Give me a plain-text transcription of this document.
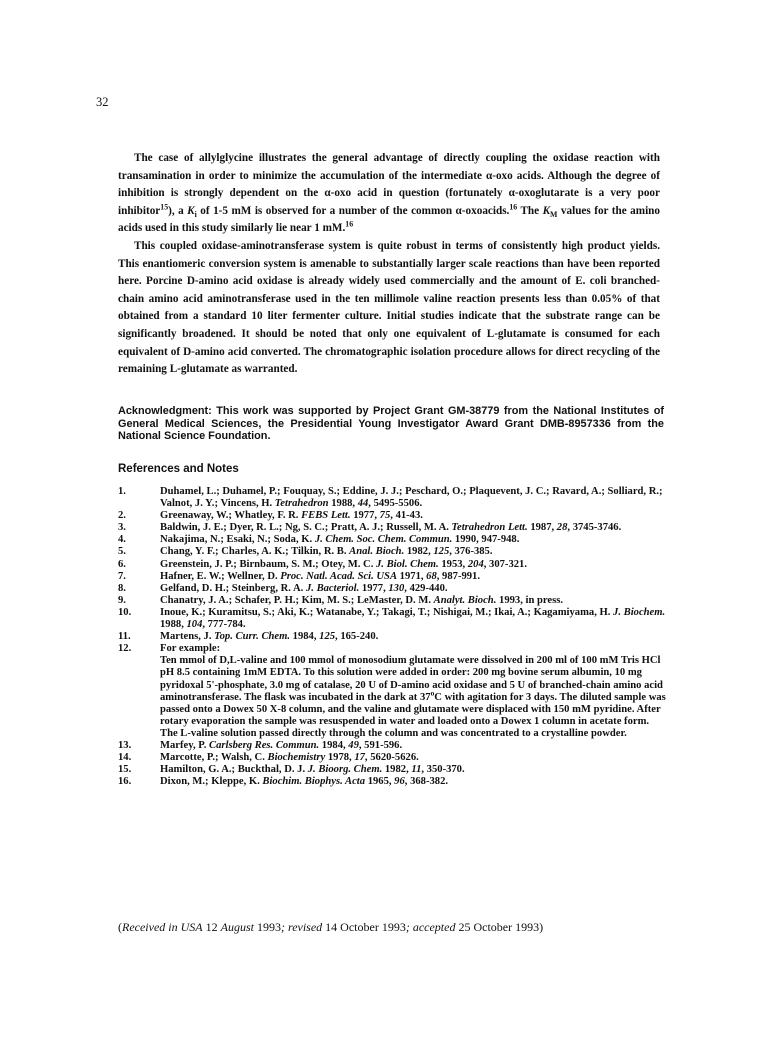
32

The case of allylglycine illustrates the general advantage of directly coupling the oxidase reaction with transamination in order to minimize the accumulation of the intermediate α-oxo acids. Although the degree of inhibition is strongly dependent on the α-oxo acid in question (fortunately α-oxoglutarate is a very poor inhibitor$^{15}$), a $K_i$ of 1-5 mM is observed for a number of the common α-oxoacids.$^{16}$ The $K_M$ values for the amino acids used in this study similarly lie near 1 mM.$^{16}$

This coupled oxidase-aminotransferase system is quite robust in terms of consistently high product yields. This enantiomeric conversion system is amenable to substantially larger scale reactions than have been reported here. Porcine D-amino acid oxidase is already widely used commercially and the amount of E. coli branched-chain amino acid aminotransferase used in the ten millimole valine reaction presents less than 0.05% of that obtained from a standard 10 liter fermenter culture. Initial studies indicate that the substrate range can be significantly broadened. It should be noted that only one equivalent of L-glutamate is consumed for each equivalent of D-amino acid converted. The chromatographic isolation procedure allows for direct recycling of the remaining L-glutamate as warranted.

Acknowledgment: This work was supported by Project Grant GM-38779 from the National Institutes of General Medical Sciences, the Presidential Young Investigator Award Grant DMB-8957336 from the National Science Foundation.
References and Notes
1.	Duhamel, L.; Duhamel, P.; Fouquay, S.; Eddine, J. J.; Peschard, O.; Plaquevent, J. C.; Ravard, A.; Solliard, R.; Valnot, J. Y.; Vincens, H. Tetrahedron 1988, 44, 5495-5506.
2.	Greenaway, W.; Whatley, F. R. FEBS Lett. 1977, 75, 41-43.
3.	Baldwin, J. E.; Dyer, R. L.; Ng, S. C.; Pratt, A. J.; Russell, M. A. Tetrahedron Lett. 1987, 28, 3745-3746.
4.	Nakajima, N.; Esaki, N.; Soda, K. J. Chem. Soc. Chem. Commun. 1990, 947-948.
5.	Chang, Y. F.; Charles, A. K.; Tilkin, R. B. Anal. Bioch. 1982, 125, 376-385.
6.	Greenstein, J. P.; Birnbaum, S. M.; Otey, M. C. J. Biol. Chem. 1953, 204, 307-321.
7.	Hafner, E. W.; Wellner, D. Proc. Natl. Acad. Sci. USA 1971, 68, 987-991.
8.	Gelfand, D. H.; Steinberg, R. A. J. Bacteriol. 1977, 130, 429-440.
9.	Chanatry, J. A.; Schafer, P. H.; Kim, M. S.; LeMaster, D. M. Analyt. Bioch. 1993, in press.
10.	Inoue, K.; Kuramitsu, S.; Aki, K.; Watanabe, Y.; Takagi, T.; Nishigai, M.; Ikai, A.; Kagamiyama, H. J. Biochem. 1988, 104, 777-784.
11.	Martens, J. Top. Curr. Chem. 1984, 125, 165-240.
12.	For example:
Ten mmol of D,L-valine and 100 mmol of monosodium glutamate were dissolved in 200 ml of 100 mM Tris HCl pH 8.5 containing 1mM EDTA. To this solution were added in order: 200 mg bovine serum albumin, 10 mg pyridoxal 5'-phosphate, 3.0 mg of catalase, 20 U of D-amino acid oxidase and 5 U of branched-chain amino acid aminotransferase. The flask was incubated in the dark at 37$^o$C with agitation for 3 days. The diluted sample was passed onto a Dowex 50 X-8 column, and the valine and glutamate were displaced with 150 mM pyridine. After rotary evaporation the sample was resuspended in water and loaded onto a Dowex 1 column in acetate form. The L-valine solution passed directly through the column and was concentrated to a crystalline powder.
13.	Marfey, P. Carlsberg Res. Commun. 1984, 49, 591-596.
14.	Marcotte, P.; Walsh, C. Biochemistry 1978, 17, 5620-5626.
15.	Hamilton, G. A.; Buckthal, D. J. J. Bioorg. Chem. 1982, 11, 350-370.
16.	Dixon, M.; Kleppe, K. Biochim. Biophys. Acta 1965, 96, 368-382.
(Received in USA 12 August 1993; revised 14 October 1993; accepted 25 October 1993)
